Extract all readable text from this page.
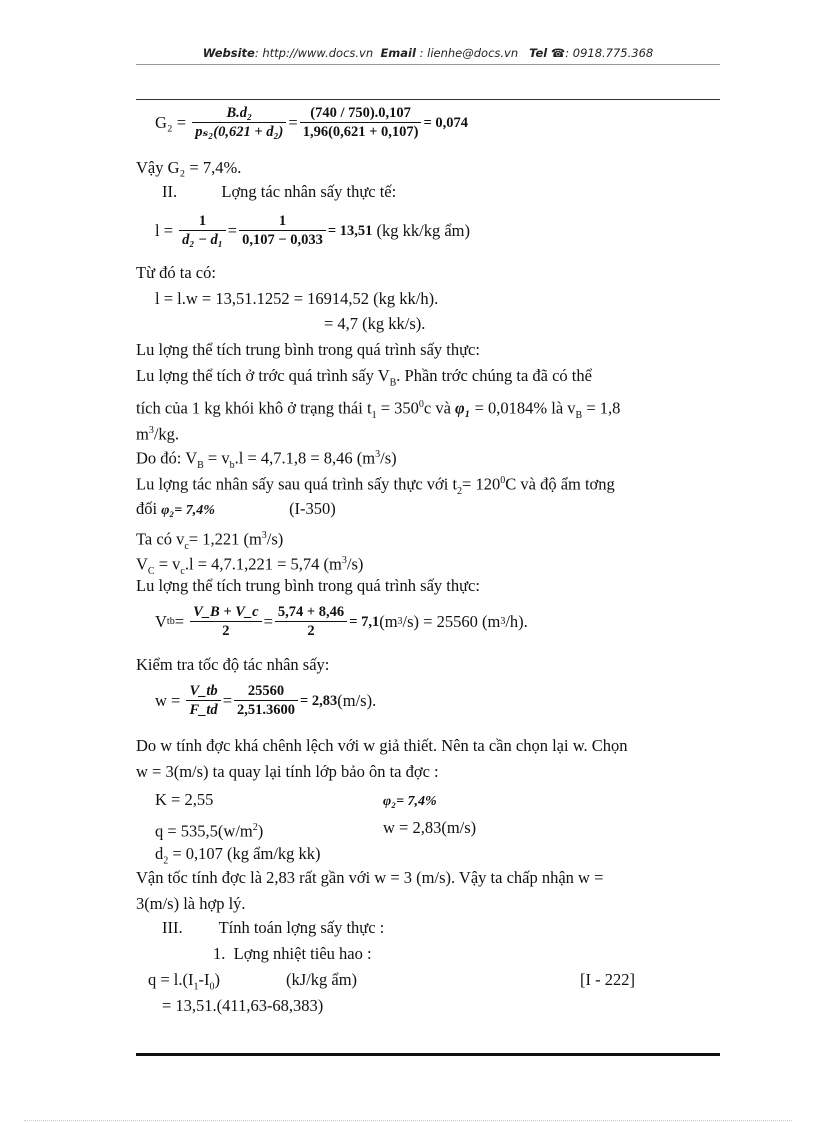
Website: http://www.docs.vn Email : lienhe@docs.vn Tel ☎: 0918.775.368
G₂ =
$\frac{\text{B.d₂}}{\text{pₛ₂(0,621 + d₂)}} = \frac{(740 / 750).0,107}{1,96(0,621 + 0,107)} = 0,074$
Vậy G₂ = 7,4%.
II.	Lợng tác nhân sấy thực tế:
l =
$\frac{1}{\text{d₂ − d₁}} = \frac{1}{0,107 - 0,033} = 13,51$
(kg kk/kg ẩm)
Từ đó ta có:
l = l.w = 13,51.1252 = 16914,52 (kg kk/h).
= 4,7 (kg kk/s).
Lu lợng thể tích trung bình trong quá trình sấy thực:
Lu lợng thể tích ở trớc quá trình sấy $V_B$. Phần trớc chúng ta đã có thể
tích của 1 kg khói khô ở trạng thái $t_1 = 350^0c$ và φ₁ = 0,0184% là $v_B = 1,8$
$m^3/kg$.
Do đó: $V_B = v_b.l = 4,7.1,8 = 8,46$ $(m^3/s)$
Lu lợng tác nhân sấy sau quá trình sấy thực với $t_2= 120^0C$ và độ ẩm tơng
đối φ₂= 7,4%	(I-350)
Ta có $v_c= 1,221$ $(m^3/s)$
$V_C = v_c.l = 4,7.1,221 = 5,74$ $(m^3/s)$
Lu lợng thể tích trung bình trong quá trình sấy thực:
V tb =
$\frac{V\_B + V\_c}{2} = \frac{5,74 + 8,46}{2} = 7,1$ (m 3 /s) = 25560 (m 3 /h).
Kiểm tra tốc độ tác nhân sấy:
w =
$\frac{V\_tb}{F\_td} = \frac{25560}{2,51.3600} = 2,83$ (m/s).
Do w tính đợc khá chênh lệch với w giả thiết. Nên ta cần chọn lại w. Chọn
w = 3(m/s) ta quay lại tính lớp bảo ôn ta đợc :
K = 2,55	φ₂= 7,4%
$q = 535,5(w/m^2)$	w = 2,83(m/s)
$d_2 = 0,107$ (kg ẩm/kg kk)
Vận tốc tính đợc là 2,83 rất gần với w = 3 (m/s). Vậy ta chấp nhận w =
3(m/s) là hợp lý.
III. Tính toán lợng sấy thực :
1. Lợng nhiệt tiêu hao :
$q = l.(I_1-I_0)$	(kJ/kg ẩm)	[I - 222]
= 13,51.(411,63-68,383)
